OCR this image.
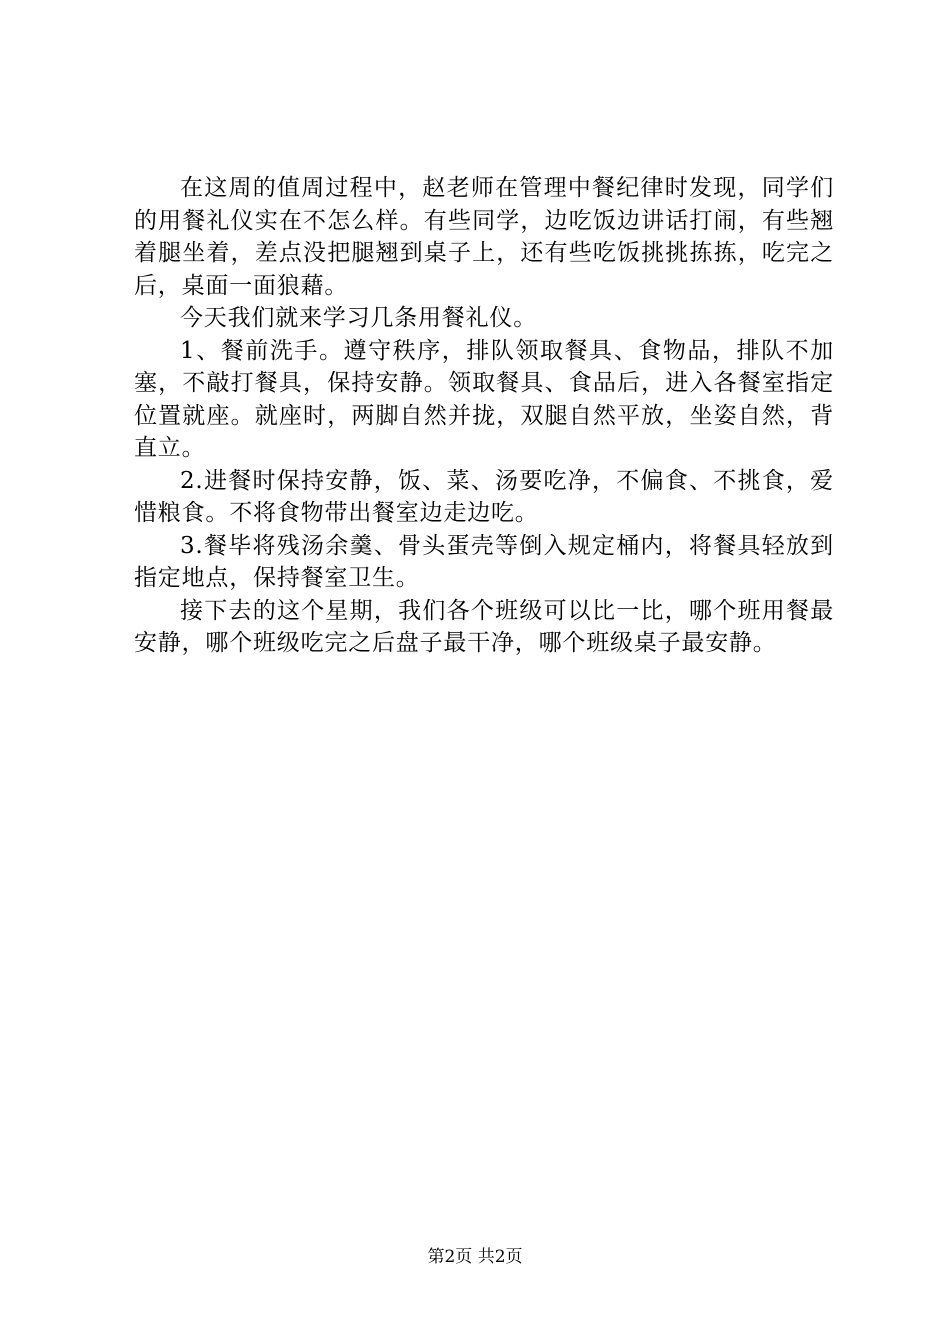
在这周的值周过程中，赵老师在管理中餐纪律时发现，同学们的用餐礼仪实在不怎么样。有些同学，边吃饭边讲话打闹，有些翘着腿坐着，差点没把腿翘到桌子上，还有些吃饭挑挑拣拣，吃完之后，桌面一面狼藉。

今天我们就来学习几条用餐礼仪。

1、餐前洗手。遵守秩序，排队领取餐具、食物品，排队不加塞，不敲打餐具，保持安静。领取餐具、食品后，进入各餐室指定位置就座。就座时，两脚自然并拢，双腿自然平放，坐姿自然，背直立。

2.进餐时保持安静，饭、菜、汤要吃净，不偏食、不挑食，爱惜粮食。不将食物带出餐室边走边吃。

3.餐毕将残汤余羹、骨头蛋壳等倒入规定桶内，将餐具轻放到指定地点，保持餐室卫生。

接下去的这个星期，我们各个班级可以比一比，哪个班用餐最安静，哪个班级吃完之后盘子最干净，哪个班级桌子最安静。

第2页 共2页
